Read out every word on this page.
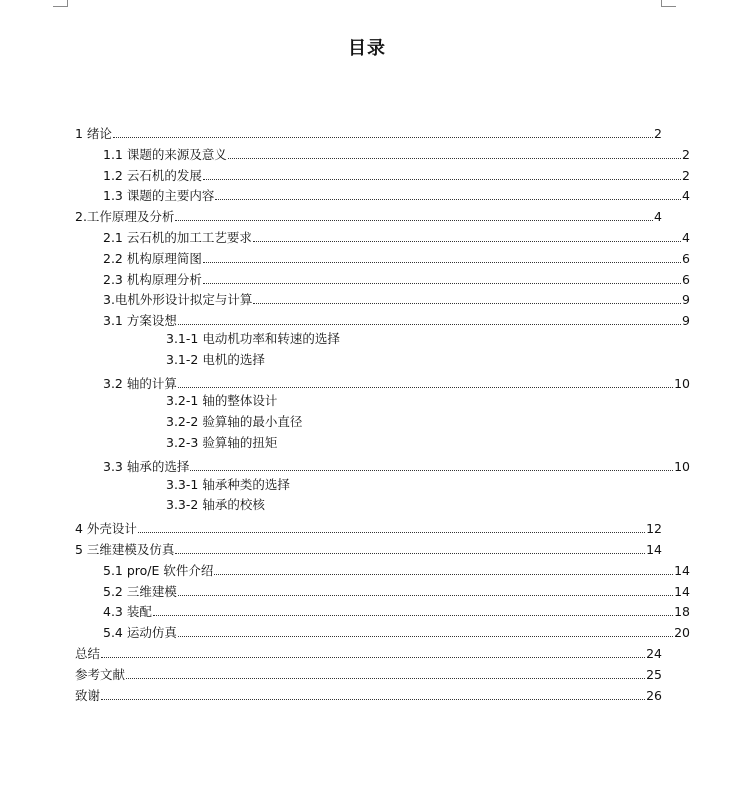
目录
1 绪论	2
1.1 课题的来源及意义	2
1.2 云石机的发展	2
1.3 课题的主要内容	4
2.工作原理及分析	4
2.1 云石机的加工工艺要求	4
2.2 机构原理简图	6
2.3 机构原理分析	6
3.电机外形设计拟定与计算	9
3.1 方案设想	9
3.1-1 电动机功率和转速的选择
3.1-2 电机的选择
3.2 轴的计算	10
3.2-1 轴的整体设计
3.2-2 验算轴的最小直径
3.2-3 验算轴的扭矩
3.3 轴承的选择	10
3.3-1 轴承种类的选择
3.3-2 轴承的校核
4 外壳设计	12
5 三维建模及仿真	14
5.1 pro/E 软件介绍	14
5.2 三维建模	14
4.3 装配	18
5.4 运动仿真	20
总结	24
参考文献	25
致谢	26
